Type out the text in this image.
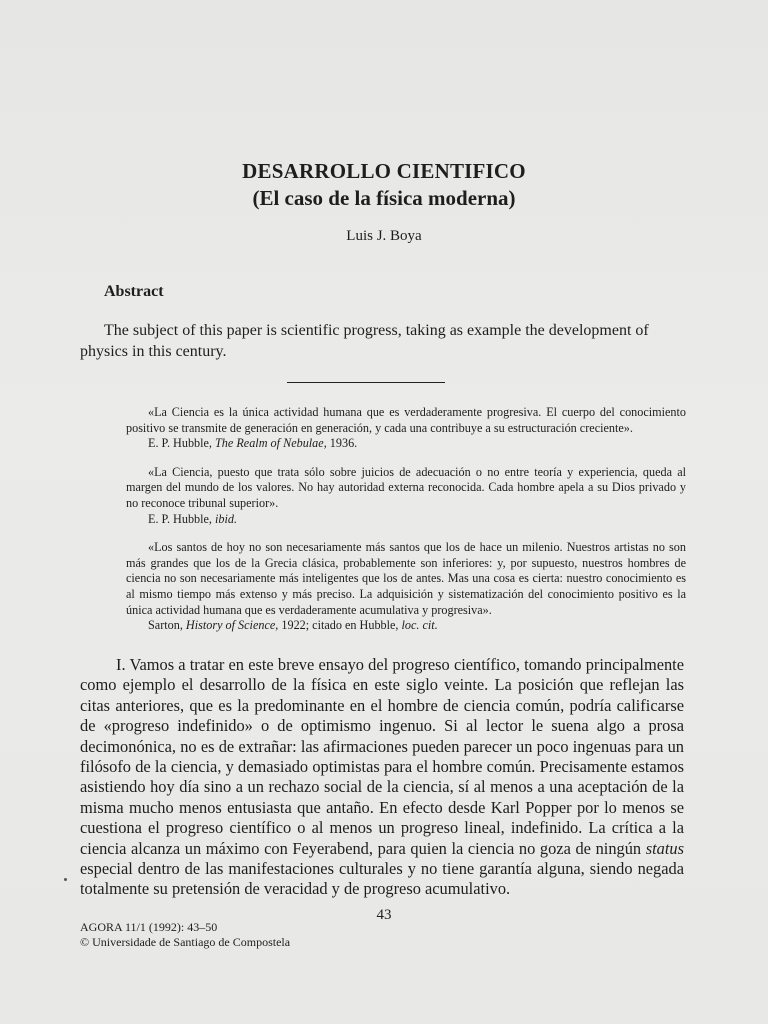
DESARROLLO CIENTIFICO
(El caso de la física moderna)
Luis J. Boya
Abstract
The subject of this paper is scientific progress, taking as example the development of physics in this century.

«La Ciencia es la única actividad humana que es verdaderamente progresiva. El cuerpo del conocimiento positivo se transmite de generación en generación, y cada una contribuye a su estructuración creciente».

E. P. Hubble, The Realm of Nebulae, 1936.

«La Ciencia, puesto que trata sólo sobre juicios de adecuación o no entre teoría y experiencia, queda al margen del mundo de los valores. No hay autoridad externa reconocida. Cada hombre apela a su Dios privado y no reconoce tribunal superior».

E. P. Hubble, ibid.

«Los santos de hoy no son necesariamente más santos que los de hace un milenio. Nuestros artistas no son más grandes que los de la Grecia clásica, probablemente son inferiores: y, por supuesto, nuestros hombres de ciencia no son necesariamente más inteligentes que los de antes. Mas una cosa es cierta: nuestro conocimiento es al mismo tiempo más extenso y más preciso. La adquisición y sistematización del conocimiento positivo es la única actividad humana que es verdaderamente acumulativa y progresiva».

Sarton, History of Science, 1922; citado en Hubble, loc. cit.

I. Vamos a tratar en este breve ensayo del progreso científico, tomando principalmente como ejemplo el desarrollo de la física en este siglo veinte. La posición que reflejan las citas anteriores, que es la predominante en el hombre de ciencia común, podría calificarse de «progreso indefinido» o de optimismo ingenuo. Si al lector le suena algo a prosa decimonónica, no es de extrañar: las afirmaciones pueden parecer un poco ingenuas para un filósofo de la ciencia, y demasiado optimistas para el hombre común. Precisamente estamos asistiendo hoy día sino a un rechazo social de la ciencia, sí al menos a una aceptación de la misma mucho menos entusiasta que antaño. En efecto desde Karl Popper por lo menos se cuestiona el progreso científico o al menos un progreso lineal, indefinido. La crítica a la ciencia alcanza un máximo con Feyerabend, para quien la ciencia no goza de ningún status especial dentro de las manifestaciones culturales y no tiene garantía alguna, siendo negada totalmente su pretensión de veracidad y de progreso acumulativo.

43
AGORA 11/1 (1992): 43–50
© Universidade de Santiago de Compostela
